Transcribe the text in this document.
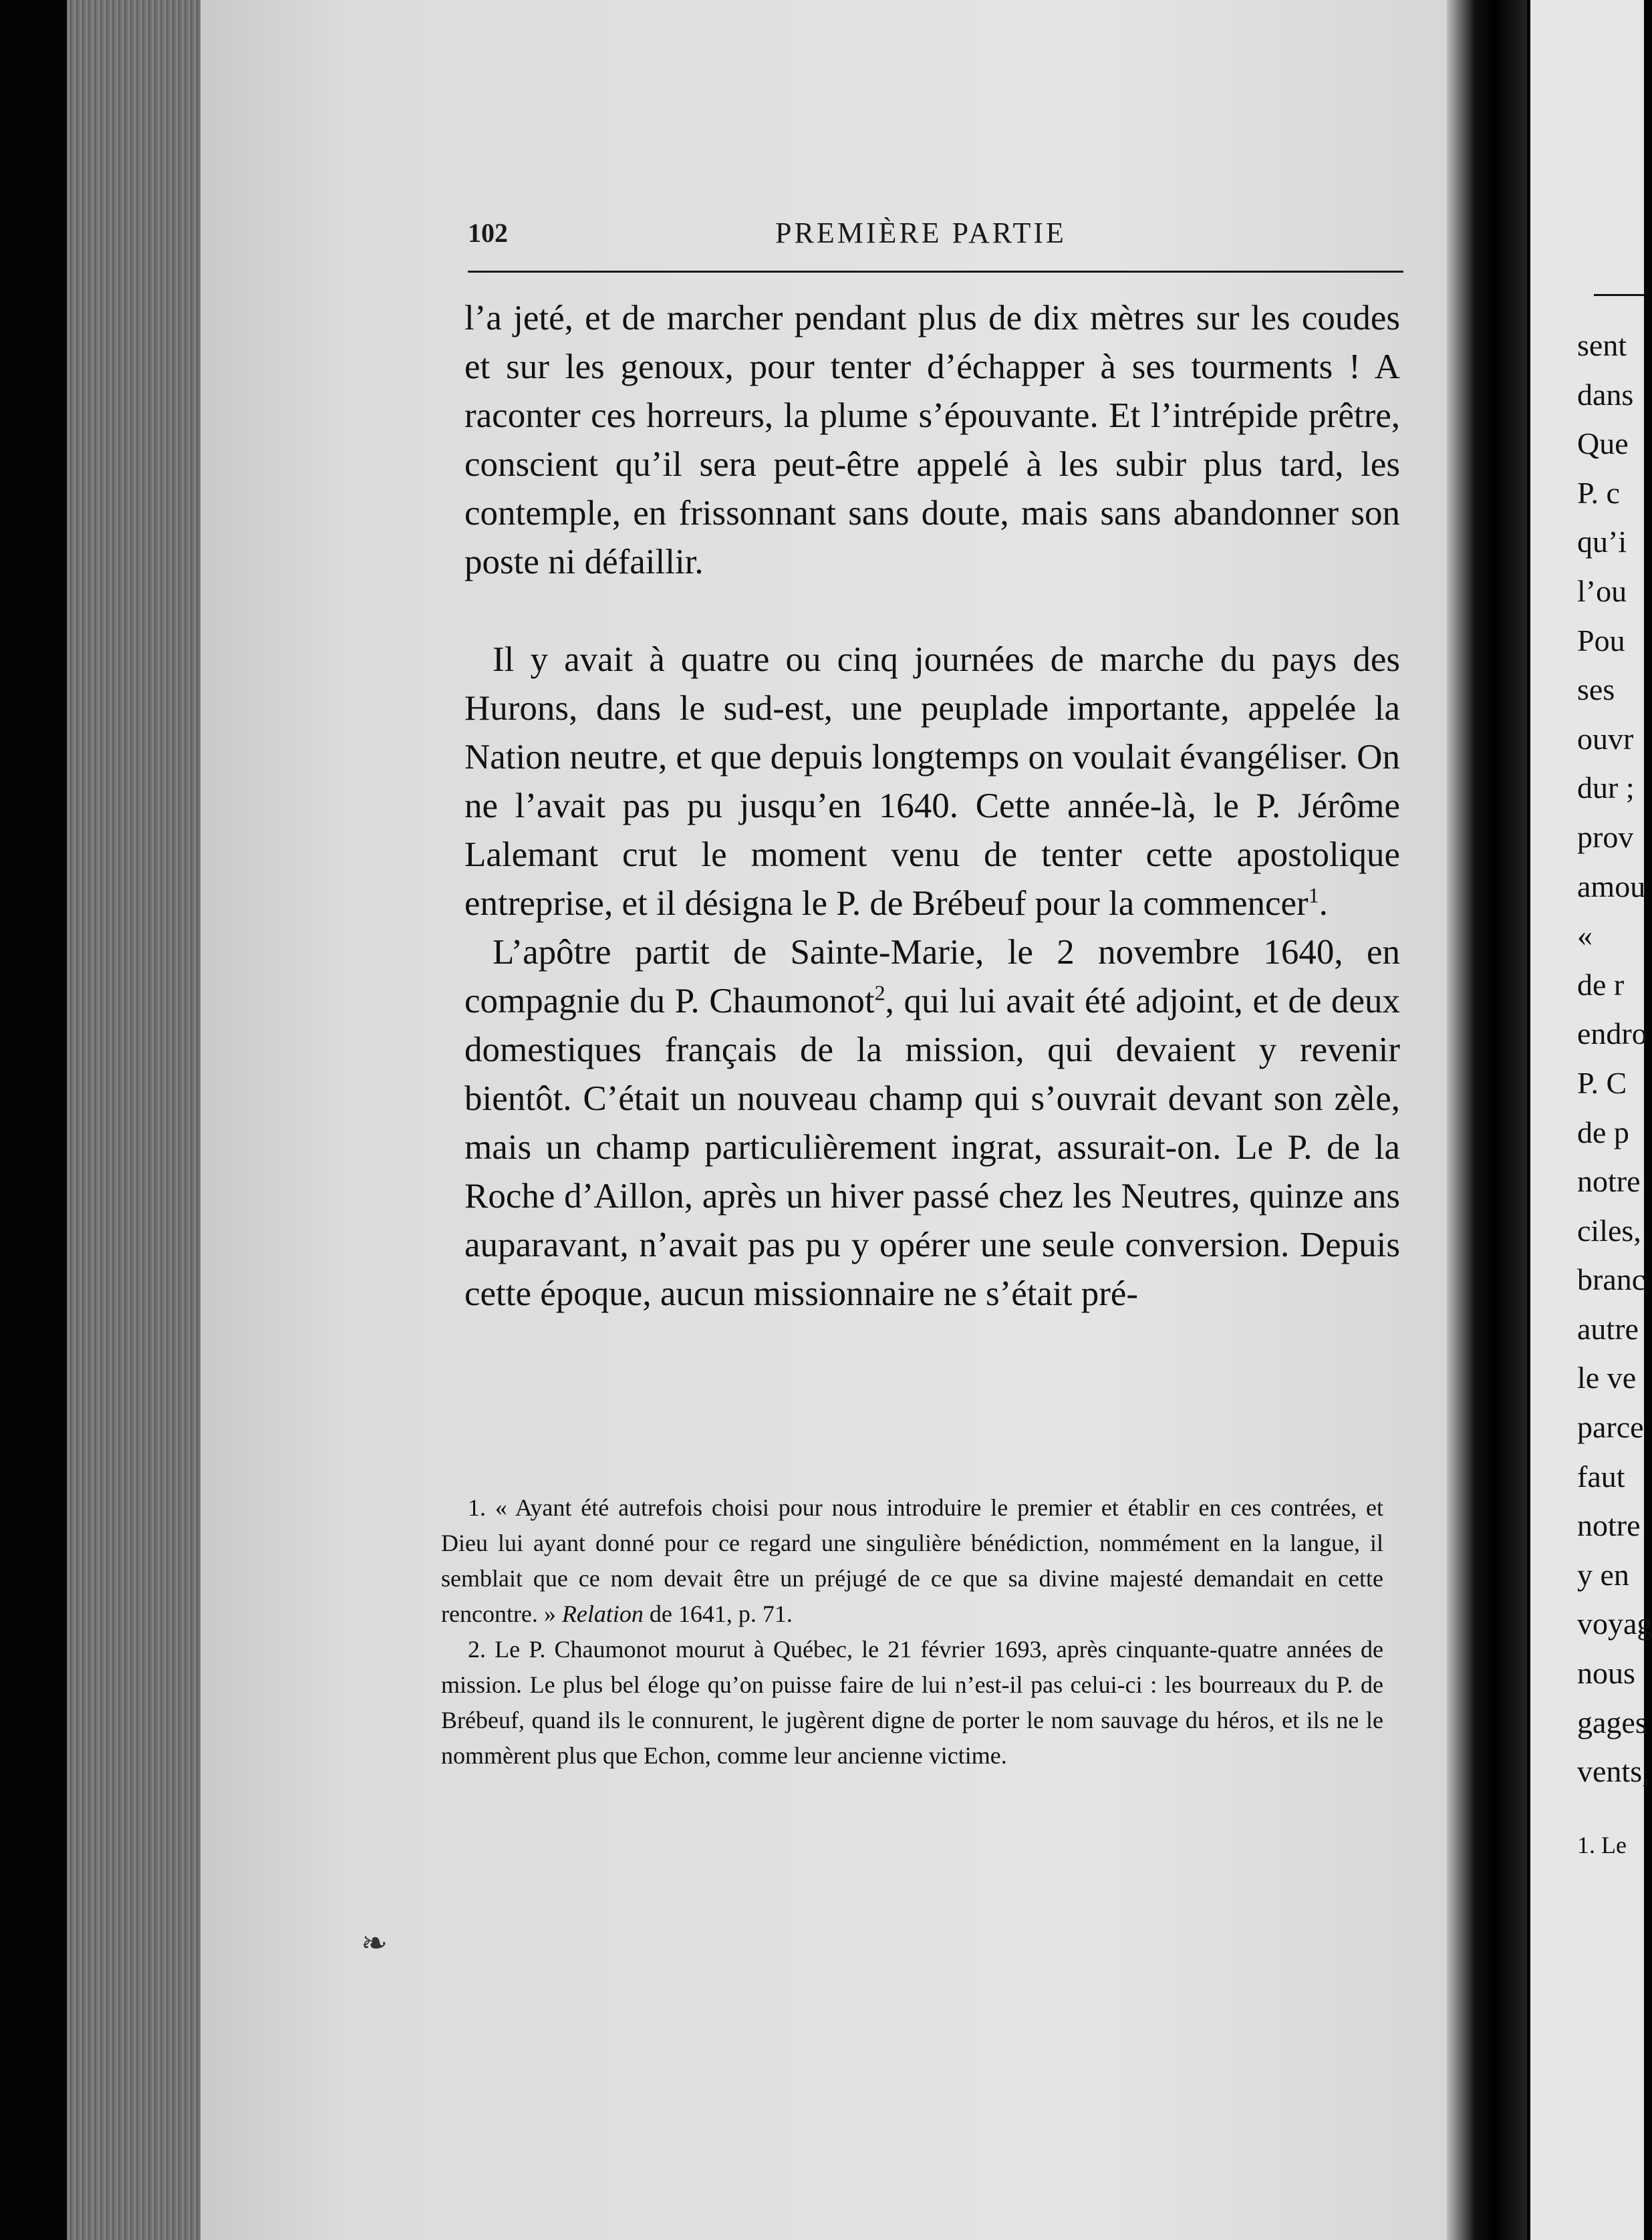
102	PREMIÈRE PARTIE

l’a jeté, et de marcher pendant plus de dix mètres sur les coudes et sur les genoux, pour tenter d’échapper à ses tourments ! A raconter ces horreurs, la plume s’épouvante. Et l’intrépide prêtre, conscient qu’il sera peut-être appelé à les subir plus tard, les contemple, en frissonnant sans doute, mais sans abandonner son poste ni défaillir.

Il y avait à quatre ou cinq journées de marche du pays des Hurons, dans le sud-est, une peuplade importante, appelée la Nation neutre, et que depuis longtemps on voulait évangéliser. On ne l’avait pas pu jusqu’en 1640. Cette année-là, le P. Jérôme Lalemant crut le moment venu de tenter cette apostolique entreprise, et il désigna le P. de Brébeuf pour la commencer$^1$.

L’apôtre partit de Sainte-Marie, le 2 novembre 1640, en compagnie du P. Chaumonot$^2$, qui lui avait été adjoint, et de deux domestiques français de la mission, qui devaient y revenir bientôt. C’était un nouveau champ qui s’ouvrait devant son zèle, mais un champ particulièrement ingrat, assurait-on. Le P. de la Roche d’Aillon, après un hiver passé chez les Neutres, quinze ans auparavant, n’avait pas pu y opérer une seule conversion. Depuis cette époque, aucun missionnaire ne s’était pré-

1. « Ayant été autrefois choisi pour nous introduire le premier et établir en ces contrées, et Dieu lui ayant donné pour ce regard une singulière bénédiction, nommément en la langue, il semblait que ce nom devait être un préjugé de ce que sa divine majesté demandait en cette rencontre. » Relation de 1641, p. 71.

2. Le P. Chaumonot mourut à Québec, le 21 février 1693, après cinquante-quatre années de mission. Le plus bel éloge qu’on puisse faire de lui n’est-il pas celui-ci : les bourreaux du P. de Brébeuf, quand ils le connurent, le jugèrent digne de porter le nom sauvage du héros, et ils ne le nommèrent plus que Echon, comme leur ancienne victime.

sent
dans
Que
P. c
qu’i
l’ou
Pou
ses
ouvr
dur ;
prov
amou
«
de r
endro
P. C
de p
notre
ciles,
branc
autre
le ve
parce
faut
notre
y en
voyag
nous
gages
vents,
1. Le
❧
